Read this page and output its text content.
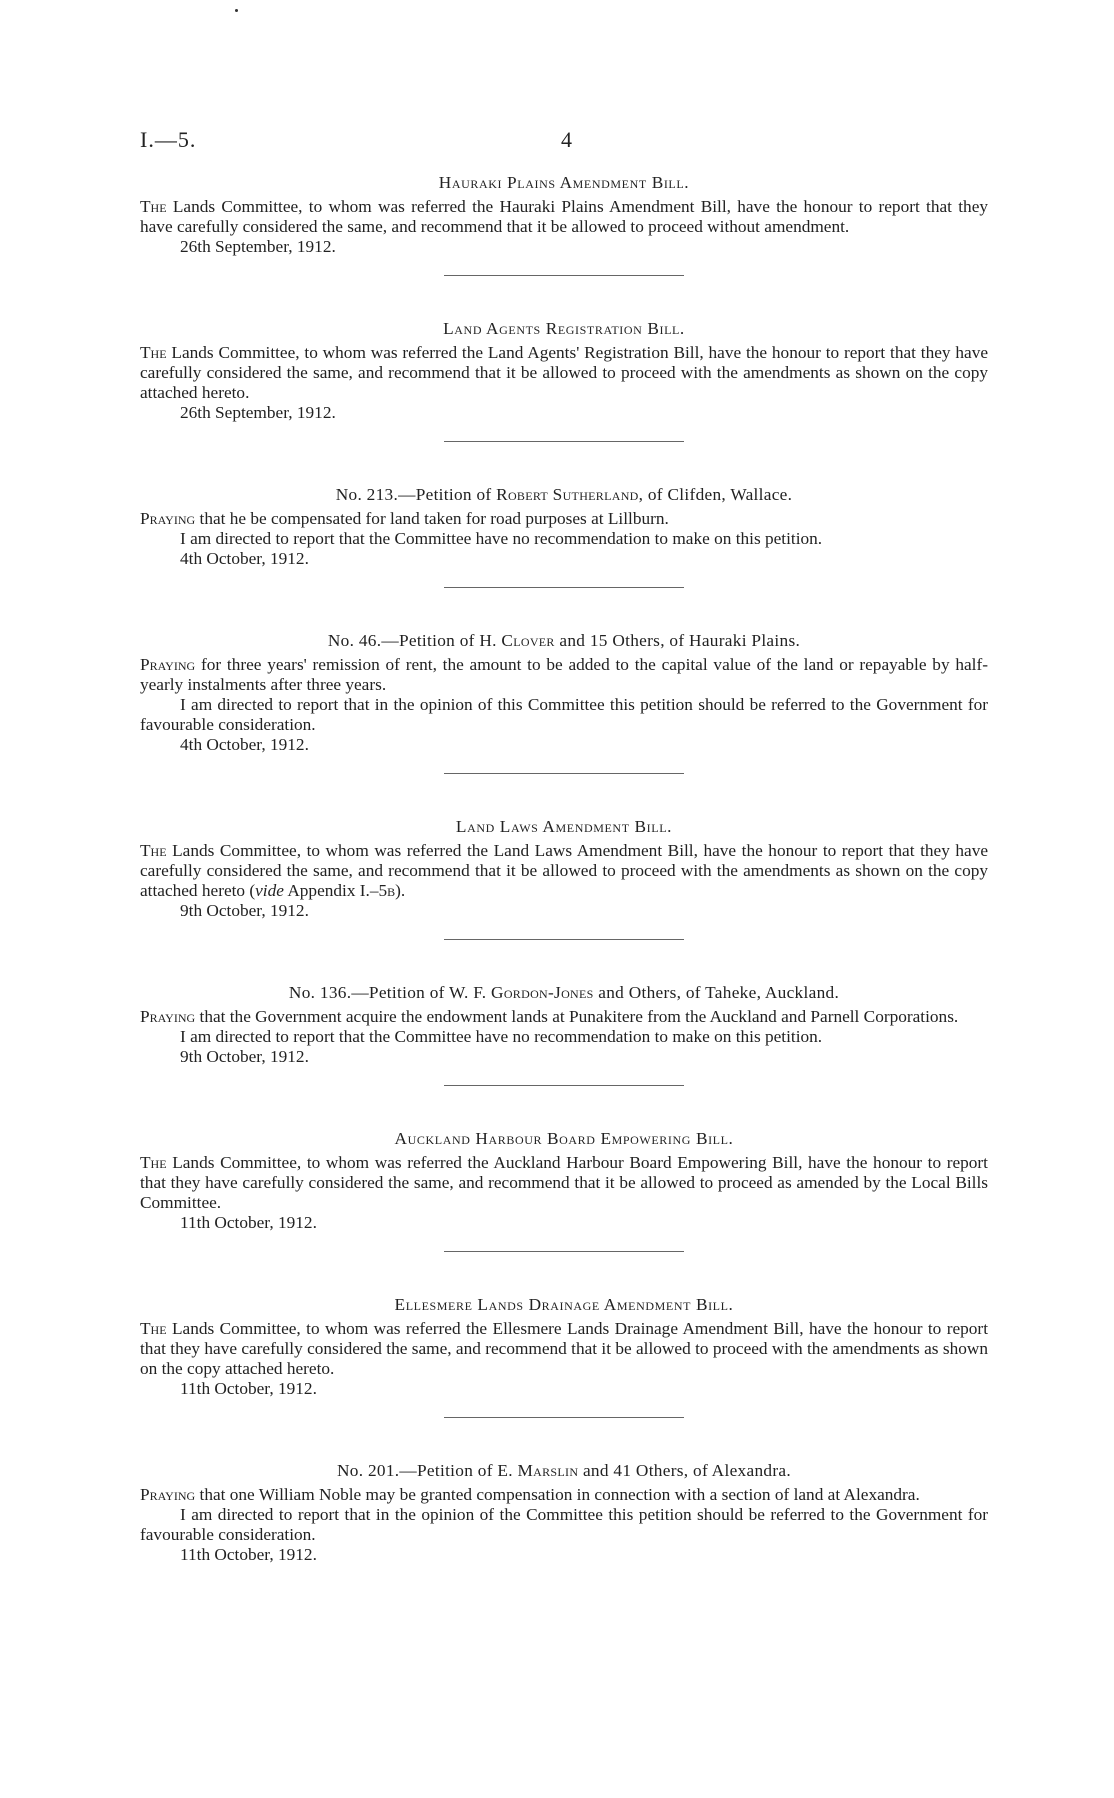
I.—5.	4
Hauraki Plains Amendment Bill.

The Lands Committee, to whom was referred the Hauraki Plains Amendment Bill, have the honour to report that they have carefully considered the same, and recommend that it be allowed to proceed without amendment.

26th September, 1912.

Land Agents Registration Bill.

The Lands Committee, to whom was referred the Land Agents' Registration Bill, have the honour to report that they have carefully considered the same, and recommend that it be allowed to proceed with the amendments as shown on the copy attached hereto.

26th September, 1912.

No. 213.—Petition of Robert Sutherland, of Clifden, Wallace.

Praying that he be compensated for land taken for road purposes at Lillburn.

I am directed to report that the Committee have no recommendation to make on this petition.

4th October, 1912.

No. 46.—Petition of H. Clover and 15 Others, of Hauraki Plains.

Praying for three years' remission of rent, the amount to be added to the capital value of the land or repayable by half-yearly instalments after three years.

I am directed to report that in the opinion of this Committee this petition should be referred to the Government for favourable consideration.

4th October, 1912.

Land Laws Amendment Bill.

The Lands Committee, to whom was referred the Land Laws Amendment Bill, have the honour to report that they have carefully considered the same, and recommend that it be allowed to proceed with the amendments as shown on the copy attached hereto (vide Appendix I.–5b).

9th October, 1912.

No. 136.—Petition of W. F. Gordon-Jones and Others, of Taheke, Auckland.

Praying that the Government acquire the endowment lands at Punakitere from the Auckland and Parnell Corporations.

I am directed to report that the Committee have no recommendation to make on this petition.

9th October, 1912.

Auckland Harbour Board Empowering Bill.

The Lands Committee, to whom was referred the Auckland Harbour Board Empowering Bill, have the honour to report that they have carefully considered the same, and recommend that it be allowed to proceed as amended by the Local Bills Committee.

11th October, 1912.

Ellesmere Lands Drainage Amendment Bill.

The Lands Committee, to whom was referred the Ellesmere Lands Drainage Amendment Bill, have the honour to report that they have carefully considered the same, and recommend that it be allowed to proceed with the amendments as shown on the copy attached hereto.

11th October, 1912.

No. 201.—Petition of E. Marslin and 41 Others, of Alexandra.

Praying that one William Noble may be granted compensation in connection with a section of land at Alexandra.

I am directed to report that in the opinion of the Committee this petition should be referred to the Government for favourable consideration.

11th October, 1912.
